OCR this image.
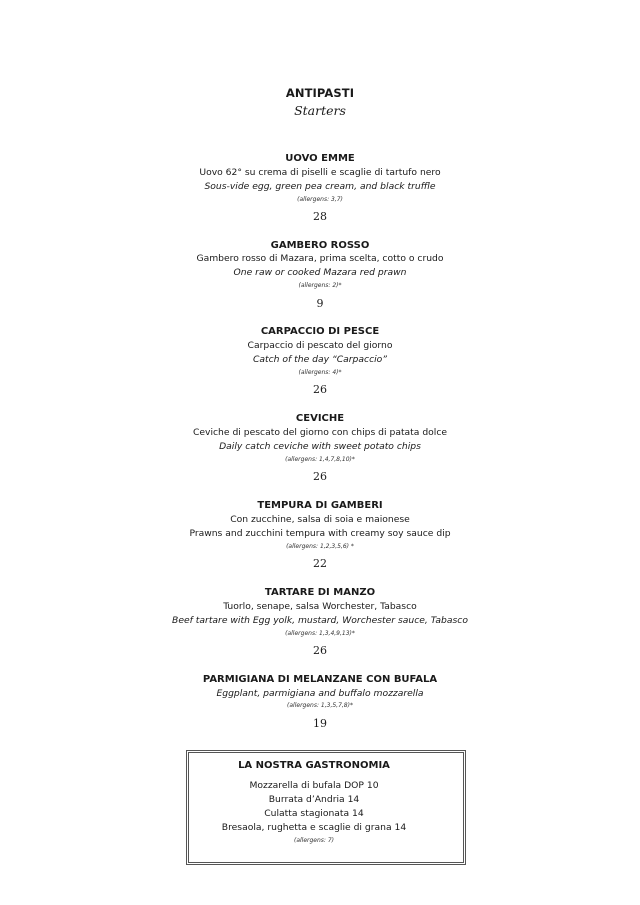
ANTIPASTI
Starters
UOVO EMME
Uovo 62° su crema di piselli e scaglie di tartufo nero
Sous-vide egg, green pea cream, and black truffle
(allergens: 3,7)
28
GAMBERO ROSSO
Gambero rosso di Mazara, prima scelta, cotto o crudo
One raw or cooked Mazara red prawn
(allergens: 2)*
9
CARPACCIO DI PESCE
Carpaccio di pescato del giorno
Catch of the day “Carpaccio”
(allergens: 4)*
26
CEVICHE
Ceviche di pescato del giorno con chips di patata dolce
Daily catch ceviche with sweet potato chips
(allergens: 1,4,7,8,10)*
26
TEMPURA DI GAMBERI
Con zucchine, salsa di soia e maionese
Prawns and zucchini tempura with creamy soy sauce dip
(allergens: 1,2,3,5,6) *
22
TARTARE DI MANZO
Tuorlo, senape, salsa Worchester, Tabasco
Beef tartare with Egg yolk, mustard, Worchester sauce, Tabasco
(allergens: 1,3,4,9,13)*
26
PARMIGIANA DI MELANZANE CON BUFALA
Eggplant, parmigiana and buffalo mozzarella
(allergens: 1,3,5,7,8)*
19
LA NOSTRA GASTRONOMIA
Mozzarella di bufala DOP 10
Burrata d’Andria 14
Culatta stagionata 14
Bresaola, rughetta e scaglie di grana 14
(allergens: 7)
